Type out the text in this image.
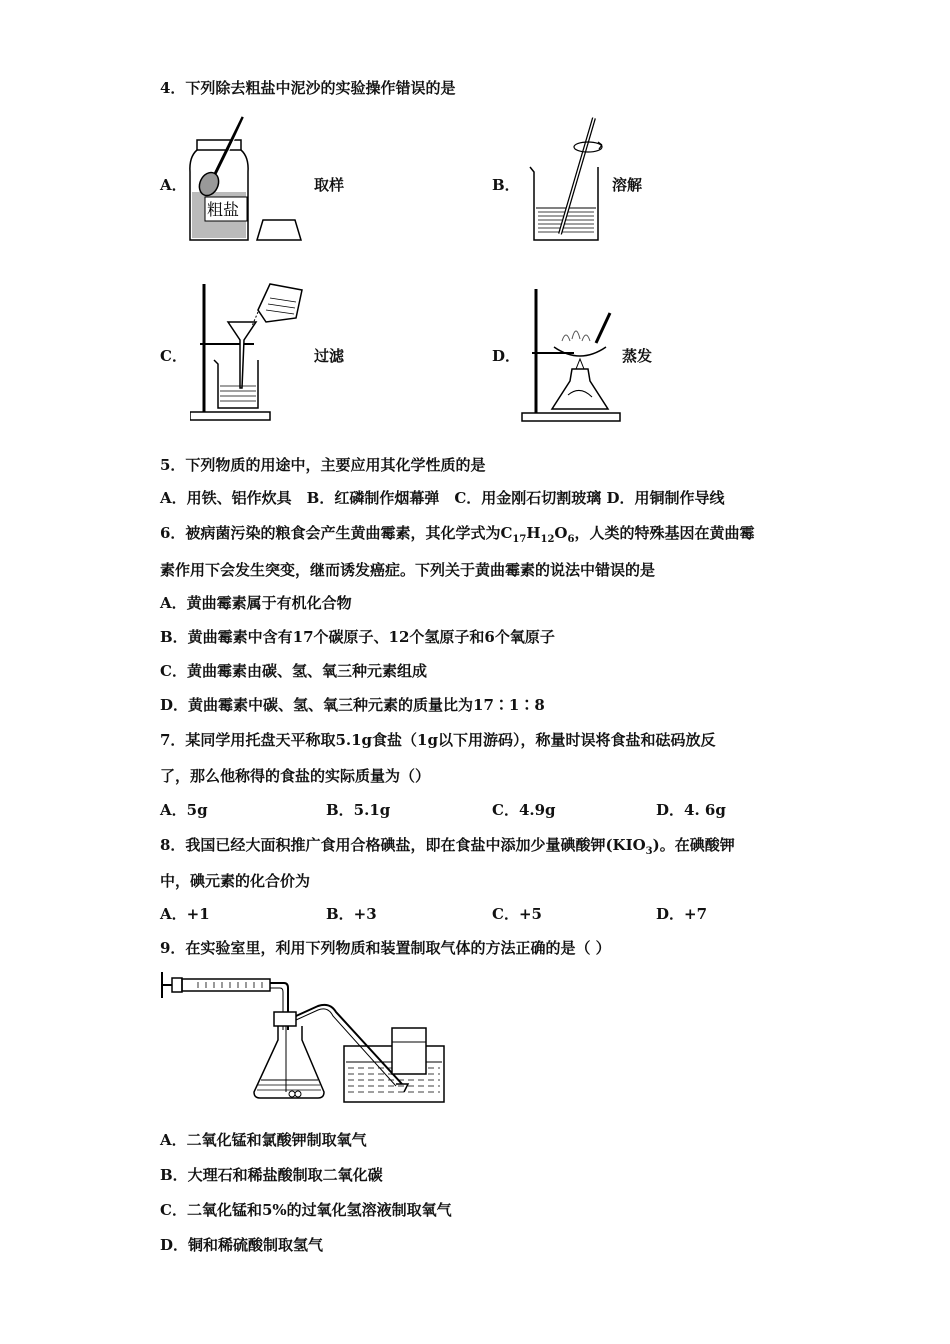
4．下列除去粗盐中泥沙的实验操作错误的是
A．	取样
粗盐
B．	溶解
C．	过滤	D．	蒸发
5．下列物质的用途中，主要应用其化学性质的是
A．用铁、铝作炊具　B．红磷制作烟幕弹　C．用金刚石切割玻璃 D．用铜制作导线
6．被病菌污染的粮食会产生黄曲霉素，其化学式为$C_{17}H_{12}O_6$，人类的特殊基因在黄曲霉
素作用下会发生突变，继而诱发癌症。下列关于黄曲霉素的说法中错误的是
A．黄曲霉素属于有机化合物
B．黄曲霉素中含有17个碳原子、12个氢原子和6个氧原子
C．黄曲霉素由碳、氢、氧三种元素组成
D．黄曲霉素中碳、氢、氧三种元素的质量比为17∶1∶8
7．某同学用托盘天平称取5.1g食盐（1g以下用游码），称量时误将食盐和砝码放反
了，那么他称得的食盐的实际质量为（）
A．5g	B．5.1g	C．4.9g	D．4. 6g
8．我国已经大面积推广食用合格碘盐，即在食盐中添加少量碘酸钾$(KIO_3)$。在碘酸钾
中，碘元素的化合价为
A．+1	B．+3	C．+5	D．+7
9．在实验室里，利用下列物质和装置制取气体的方法正确的是（ ）
A．二氧化锰和氯酸钾制取氧气
B．大理石和稀盐酸制取二氧化碳
C．二氧化锰和5%的过氧化氢溶液制取氧气
D．铜和稀硫酸制取氢气
